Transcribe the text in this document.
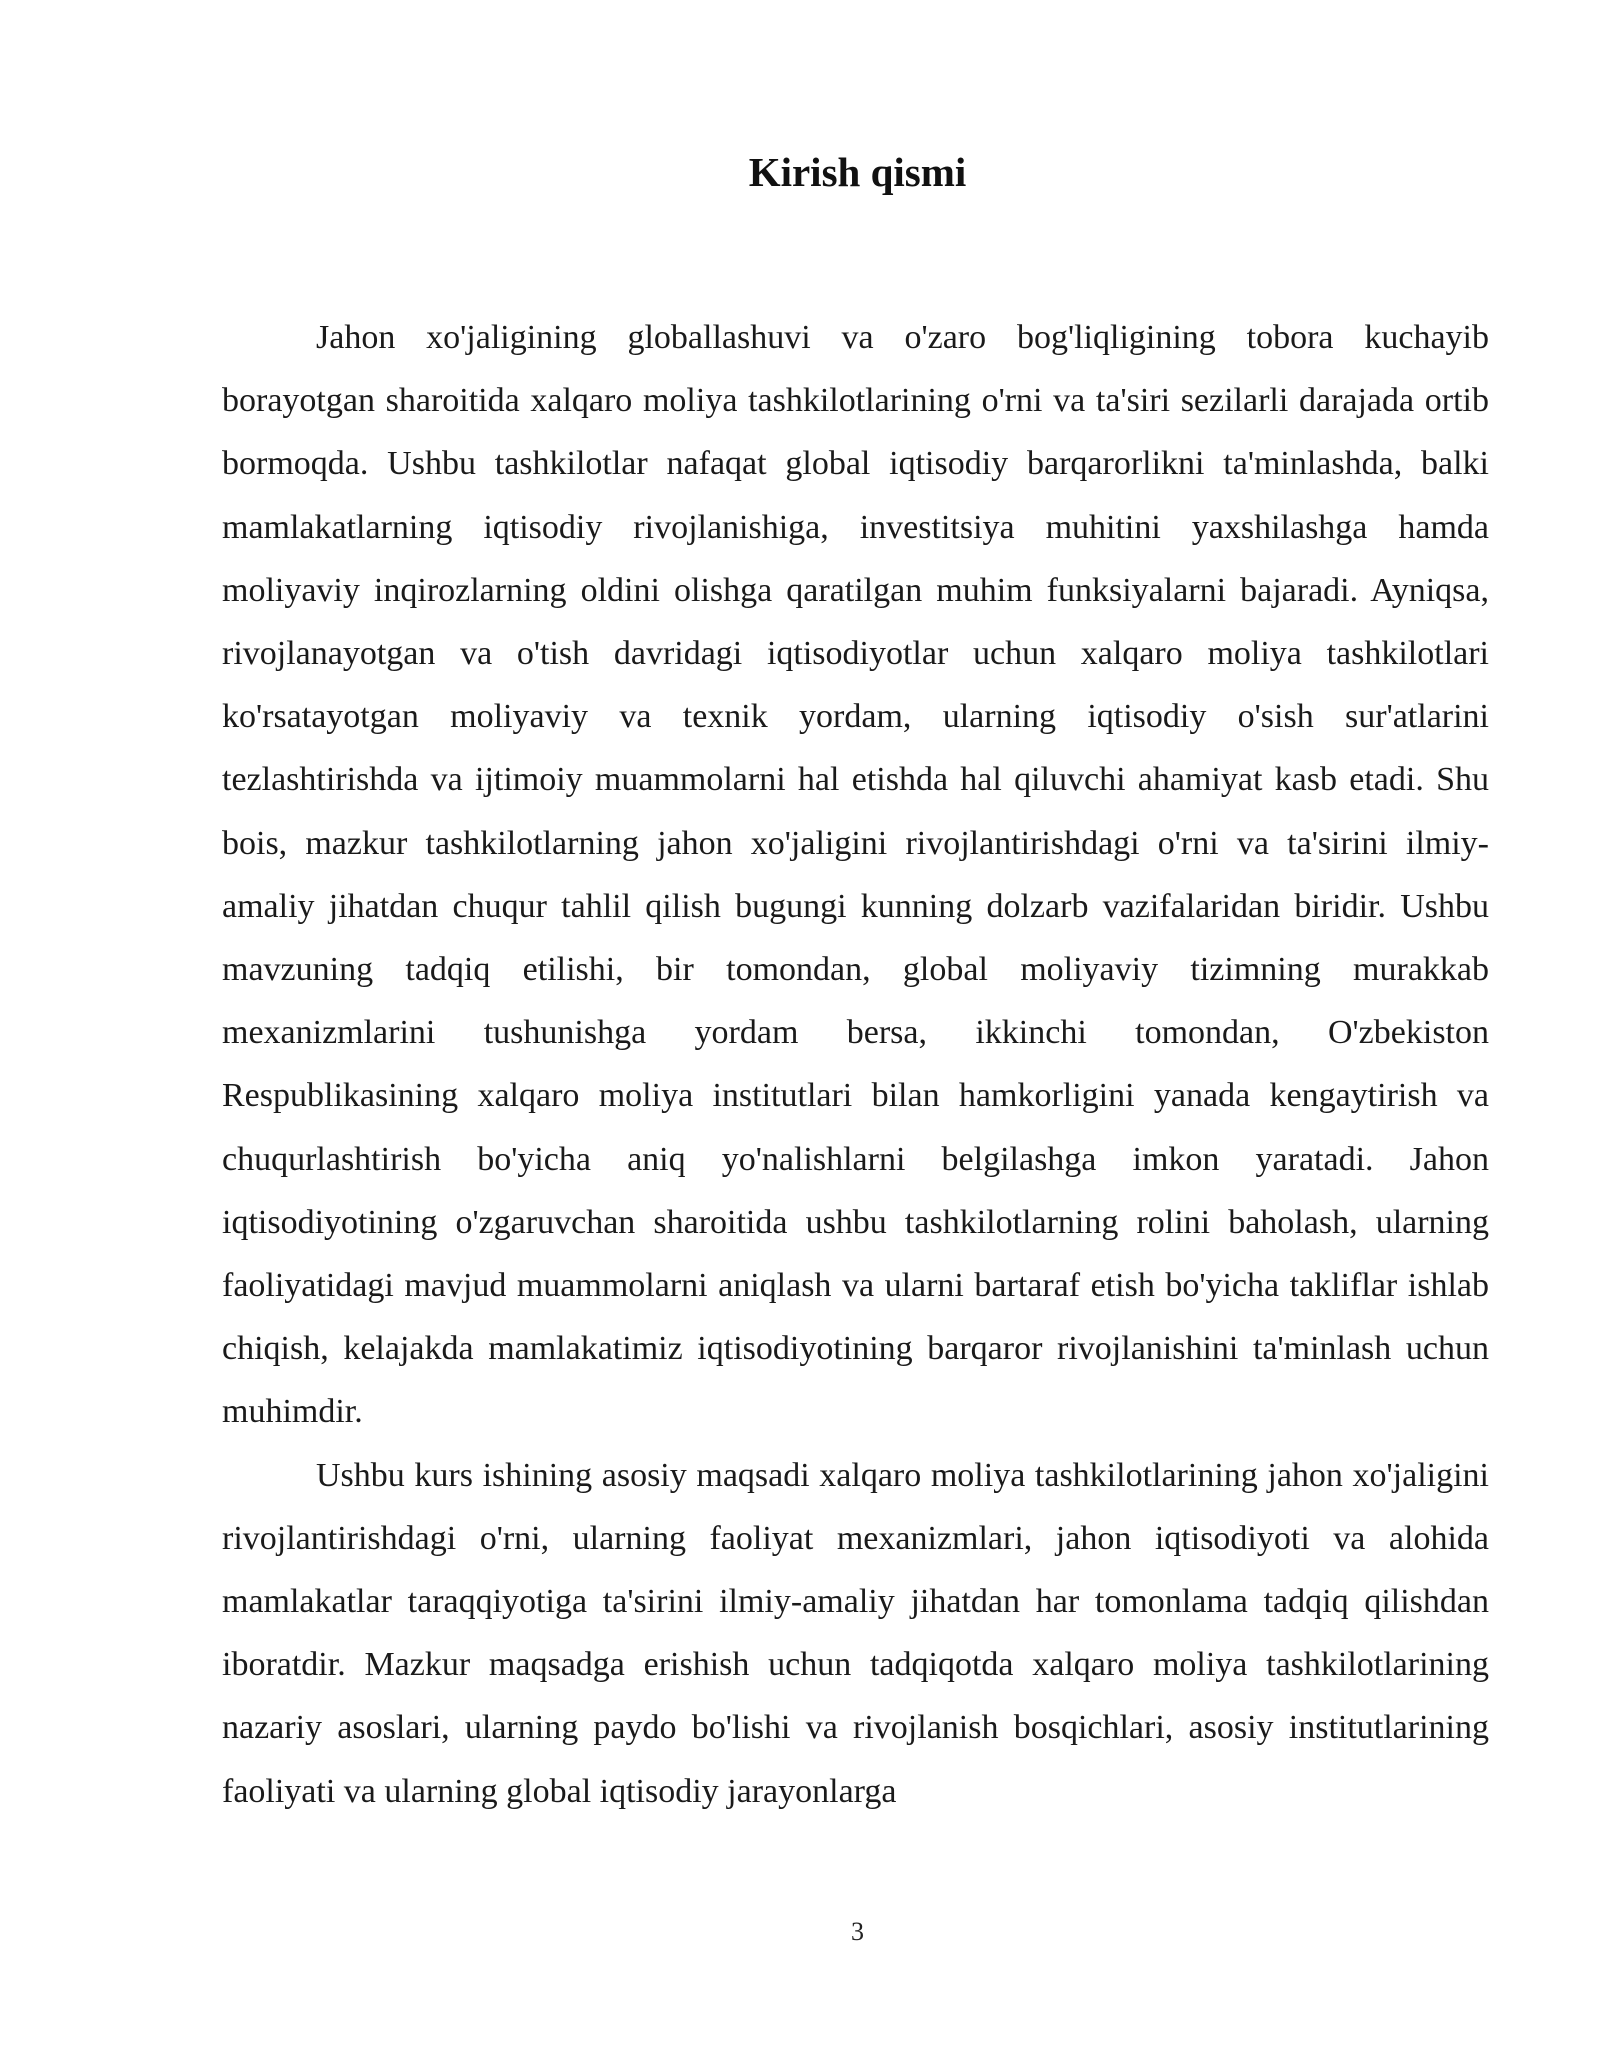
Kirish qismi

Jahon xo'jaligining globallashuvi va o'zaro bog'liqligining tobora kuchayib borayotgan sharoitida xalqaro moliya tashkilotlarining o'rni va ta'siri sezilarli darajada ortib bormoqda. Ushbu tashkilotlar nafaqat global iqtisodiy barqarorlikni ta'minlashda, balki mamlakatlarning iqtisodiy rivojlanishiga, investitsiya muhitini yaxshilashga hamda moliyaviy inqirozlarning oldini olishga qaratilgan muhim funksiyalarni bajaradi. Ayniqsa, rivojlanayotgan va o'tish davridagi iqtisodiyotlar uchun xalqaro moliya tashkilotlari ko'rsatayotgan moliyaviy va texnik yordam, ularning iqtisodiy o'sish sur'atlarini tezlashtirishda va ijtimoiy muammolarni hal etishda hal qiluvchi ahamiyat kasb etadi. Shu bois, mazkur tashkilotlarning jahon xo'jaligini rivojlantirishdagi o'rni va ta'sirini ilmiy-amaliy jihatdan chuqur tahlil qilish bugungi kunning dolzarb vazifalaridan biridir. Ushbu mavzuning tadqiq etilishi, bir tomondan, global moliyaviy tizimning murakkab mexanizmlarini tushunishga yordam bersa, ikkinchi tomondan, O'zbekiston Respublikasining xalqaro moliya institutlari bilan hamkorligini yanada kengaytirish va chuqurlashtirish bo'yicha aniq yo'nalishlarni belgilashga imkon yaratadi. Jahon iqtisodiyotining o'zgaruvchan sharoitida ushbu tashkilotlarning rolini baholash, ularning faoliyatidagi mavjud muammolarni aniqlash va ularni bartaraf etish bo'yicha takliflar ishlab chiqish, kelajakda mamlakatimiz iqtisodiyotining barqaror rivojlanishini ta'minlash uchun muhimdir.

Ushbu kurs ishining asosiy maqsadi xalqaro moliya tashkilotlarining jahon xo'jaligini rivojlantirishdagi o'rni, ularning faoliyat mexanizmlari, jahon iqtisodiyoti va alohida mamlakatlar taraqqiyotiga ta'sirini ilmiy-amaliy jihatdan har tomonlama tadqiq qilishdan iboratdir. Mazkur maqsadga erishish uchun tadqiqotda xalqaro moliya tashkilotlarining nazariy asoslari, ularning paydo bo'lishi va rivojlanish bosqichlari, asosiy institutlarining faoliyati va ularning global iqtisodiy jarayonlarga

3
